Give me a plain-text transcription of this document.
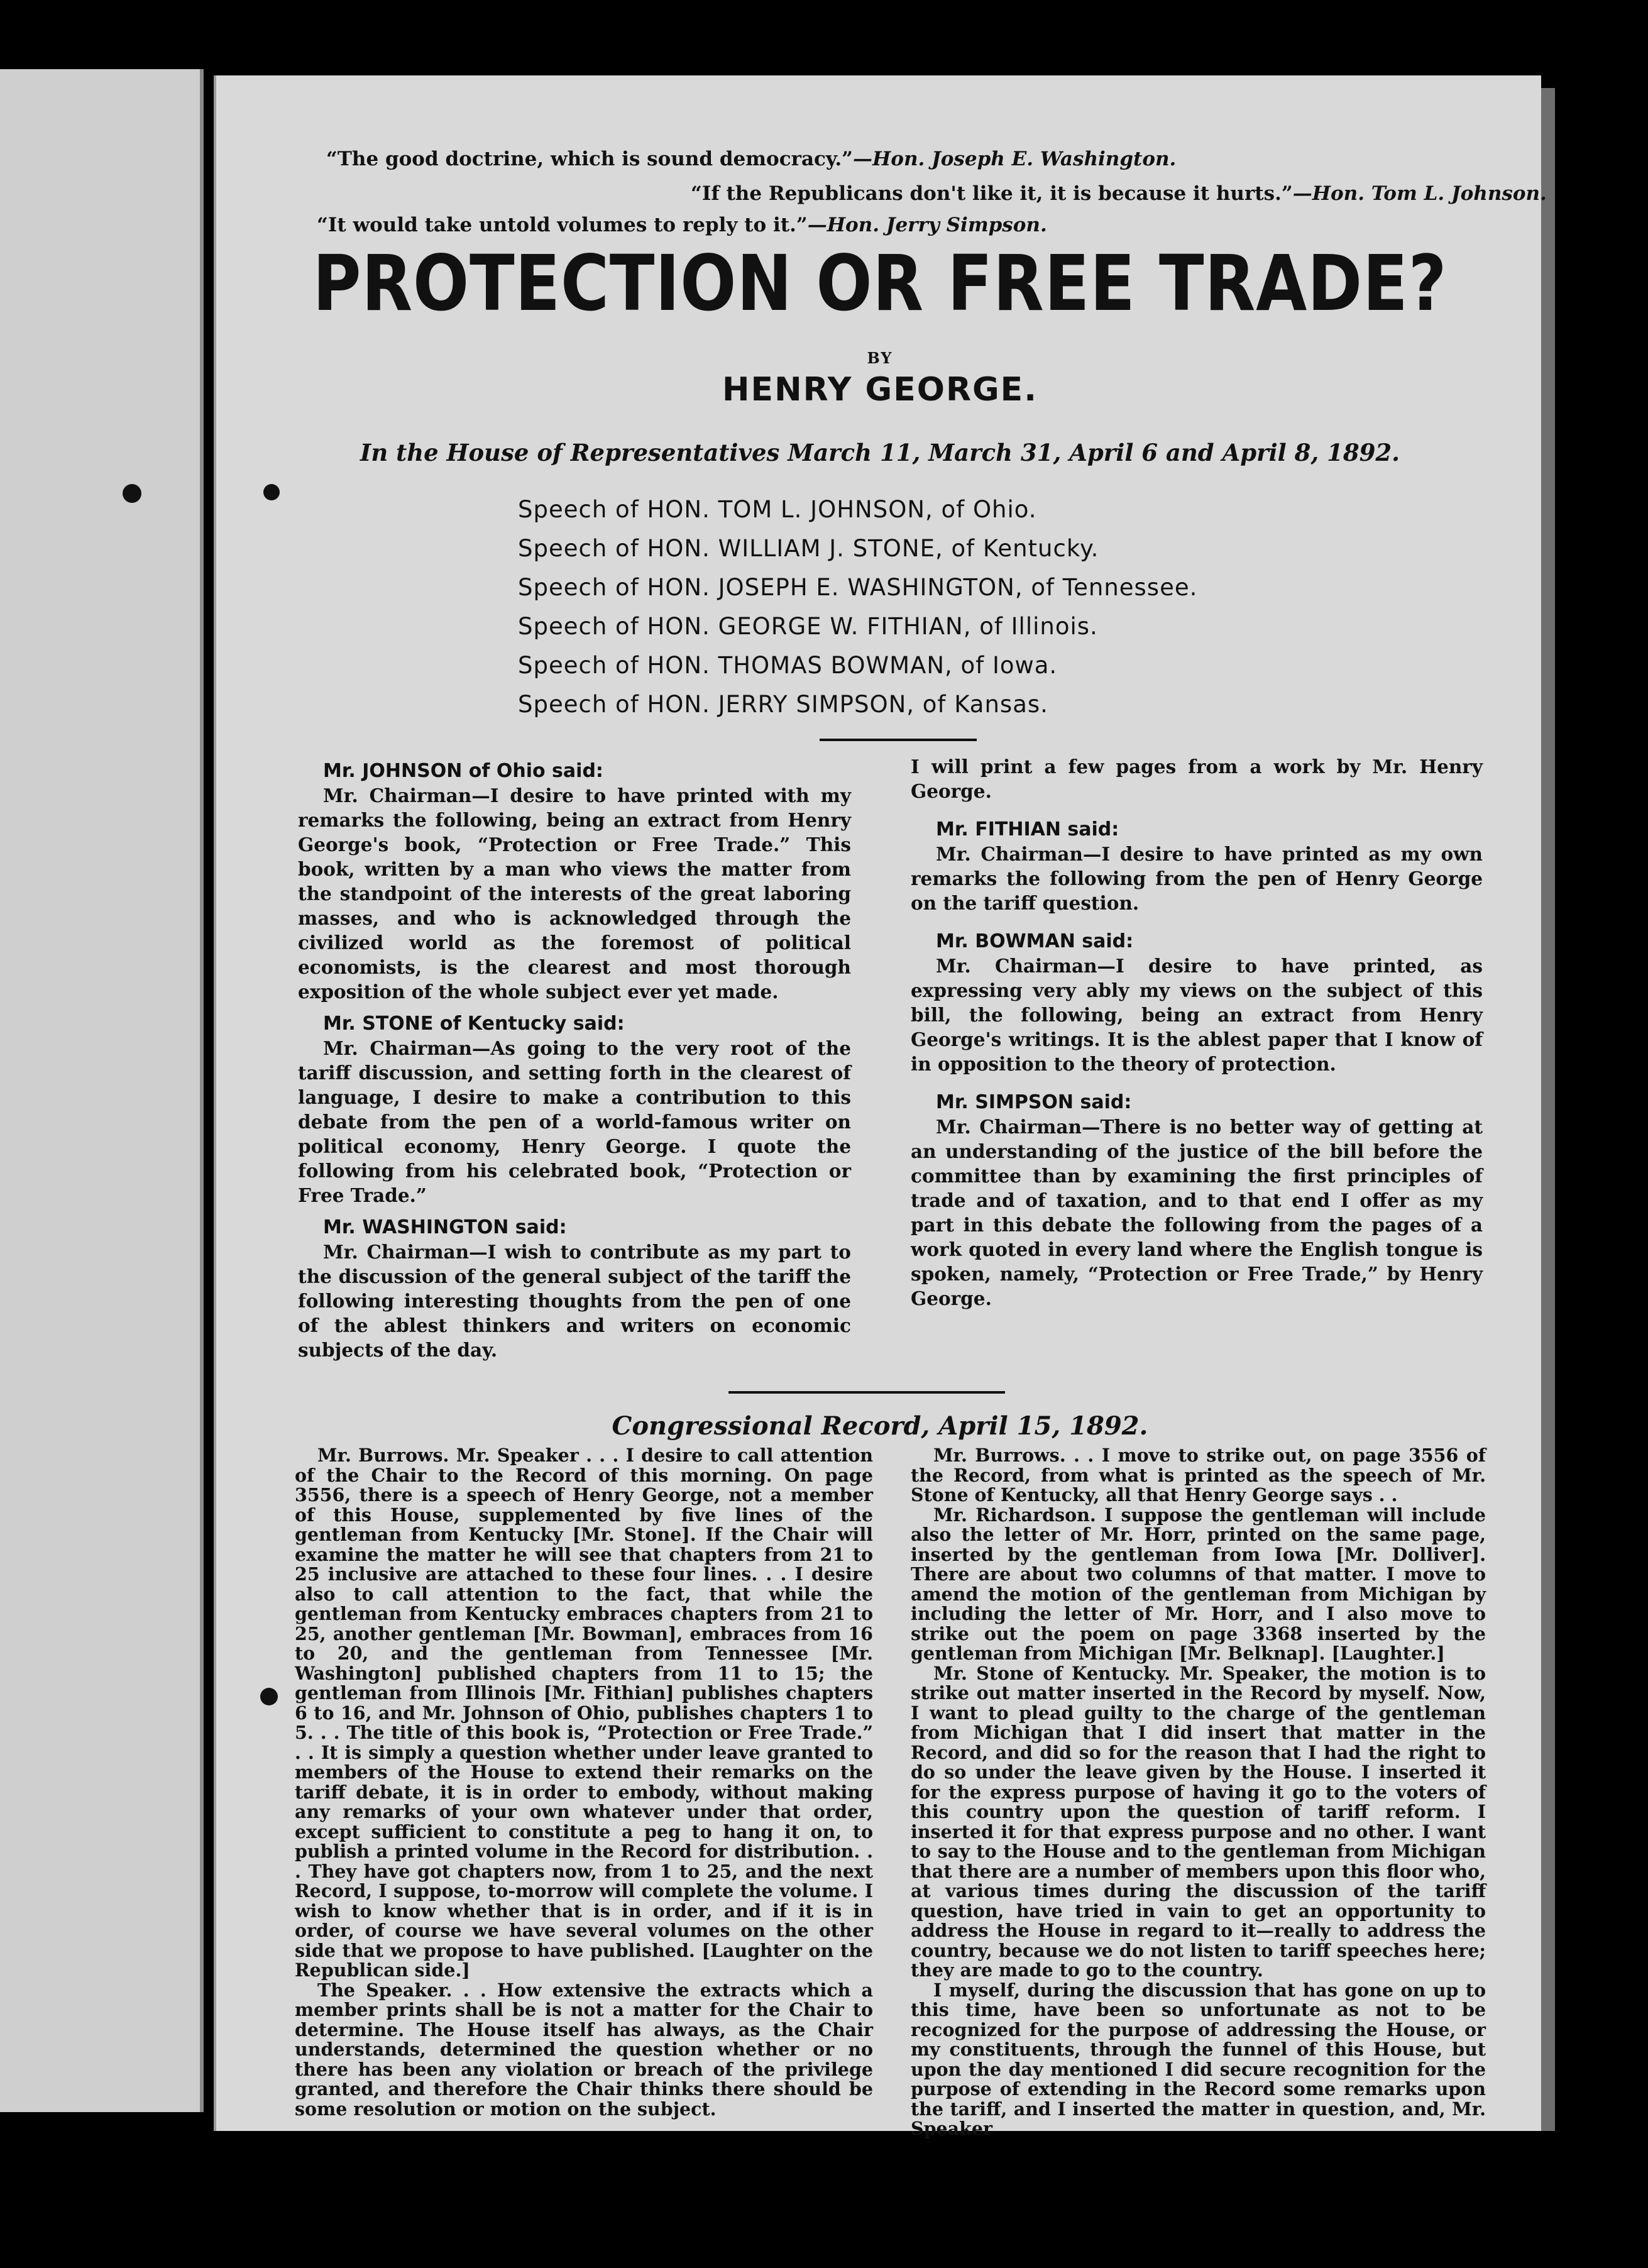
“The good doctrine, which is sound democracy.”—Hon. Joseph E. Washington.
“If the Republicans don't like it, it is because it hurts.”—Hon. Tom L. Johnson.
“It would take untold volumes to reply to it.”—Hon. Jerry Simpson.
PROTECTION OR FREE TRADE?
BY
HENRY GEORGE.
In the House of Representatives March 11, March 31, April 6 and April 8, 1892.
Speech of HON. TOM L. JOHNSON, of Ohio.
Speech of HON. WILLIAM J. STONE, of Kentucky.
Speech of HON. JOSEPH E. WASHINGTON, of Tennessee.
Speech of HON. GEORGE W. FITHIAN, of Illinois.
Speech of HON. THOMAS BOWMAN, of Iowa.
Speech of HON. JERRY SIMPSON, of Kansas.

Mr. JOHNSON of Ohio said:

Mr. Chairman—I desire to have printed with my remarks the following, being an extract from Henry George's book, “Protection or Free Trade.” This book, written by a man who views the matter from the standpoint of the interests of the great laboring masses, and who is acknowledged through the civilized world as the foremost of political economists, is the clearest and most thorough exposition of the whole subject ever yet made.

Mr. STONE of Kentucky said:

Mr. Chairman—As going to the very root of the tariff discussion, and setting forth in the clearest of language, I desire to make a contribution to this debate from the pen of a world-famous writer on political economy, Henry George. I quote the following from his celebrated book, “Protection or Free Trade.”

Mr. WASHINGTON said:

Mr. Chairman—I wish to contribute as my part to the discussion of the general subject of the tariff the following interesting thoughts from the pen of one of the ablest thinkers and writers on economic subjects of the day.

I will print a few pages from a work by Mr. Henry George.

Mr. FITHIAN said:

Mr. Chairman—I desire to have printed as my own remarks the following from the pen of Henry George on the tariff question.

Mr. BOWMAN said:

Mr. Chairman—I desire to have printed, as expressing very ably my views on the subject of this bill, the following, being an extract from Henry George's writings. It is the ablest paper that I know of in opposition to the theory of protection.

Mr. SIMPSON said:

Mr. Chairman—There is no better way of getting at an understanding of the justice of the bill before the committee than by examining the first principles of trade and of taxation, and to that end I offer as my part in this debate the following from the pages of a work quoted in every land where the English tongue is spoken, namely, “Protection or Free Trade,” by Henry George.

Congressional Record, April 15, 1892.

Mr. Burrows. Mr. Speaker . . . I desire to call attention of the Chair to the Record of this morning. On page 3556, there is a speech of Henry George, not a member of this House, supplemented by five lines of the gentleman from Kentucky [Mr. Stone]. If the Chair will examine the matter he will see that chapters from 21 to 25 inclusive are attached to these four lines. . . I desire also to call attention to the fact, that while the gentleman from Kentucky embraces chapters from 21 to 25, another gentleman [Mr. Bowman], embraces from 16 to 20, and the gentleman from Tennessee [Mr. Washington] published chapters from 11 to 15; the gentleman from Illinois [Mr. Fithian] publishes chapters 6 to 16, and Mr. Johnson of Ohio, publishes chapters 1 to 5. . . The title of this book is, “Protection or Free Trade.” . . It is simply a question whether under leave granted to members of the House to extend their remarks on the tariff debate, it is in order to embody, without making any remarks of your own whatever under that order, except sufficient to constitute a peg to hang it on, to publish a printed volume in the Record for distribution. . . They have got chapters now, from 1 to 25, and the next Record, I suppose, to-morrow will complete the volume. I wish to know whether that is in order, and if it is in order, of course we have several volumes on the other side that we propose to have published. [Laughter on the Republican side.]

The Speaker. . . How extensive the extracts which a member prints shall be is not a matter for the Chair to determine. The House itself has always, as the Chair understands, determined the question whether or no there has been any violation or breach of the privilege granted, and therefore the Chair thinks there should be some resolution or motion on the subject.

Mr. Burrows. . . I move to strike out, on page 3556 of the Record, from what is printed as the speech of Mr. Stone of Kentucky, all that Henry George says . .

Mr. Richardson. I suppose the gentleman will include also the letter of Mr. Horr, printed on the same page, inserted by the gentleman from Iowa [Mr. Dolliver]. There are about two columns of that matter. I move to amend the motion of the gentleman from Michigan by including the letter of Mr. Horr, and I also move to strike out the poem on page 3368 inserted by the gentleman from Michigan [Mr. Belknap]. [Laughter.]

Mr. Stone of Kentucky. Mr. Speaker, the motion is to strike out matter inserted in the Record by myself. Now, I want to plead guilty to the charge of the gentleman from Michigan that I did insert that matter in the Record, and did so for the reason that I had the right to do so under the leave given by the House. I inserted it for the express purpose of having it go to the voters of this country upon the question of tariff reform. I inserted it for that express purpose and no other. I want to say to the House and to the gentleman from Michigan that there are a number of members upon this floor who, at various times during the discussion of the tariff question, have tried in vain to get an opportunity to address the House in regard to it—really to address the country, because we do not listen to tariff speeches here; they are made to go to the country.

I myself, during the discussion that has gone on up to this time, have been so unfortunate as not to be recognized for the purpose of addressing the House, or my constituents, through the funnel of this House, but upon the day mentioned I did secure recognition for the purpose of extending in the Record some remarks upon the tariff, and I inserted the matter in question, and, Mr. Speaker
